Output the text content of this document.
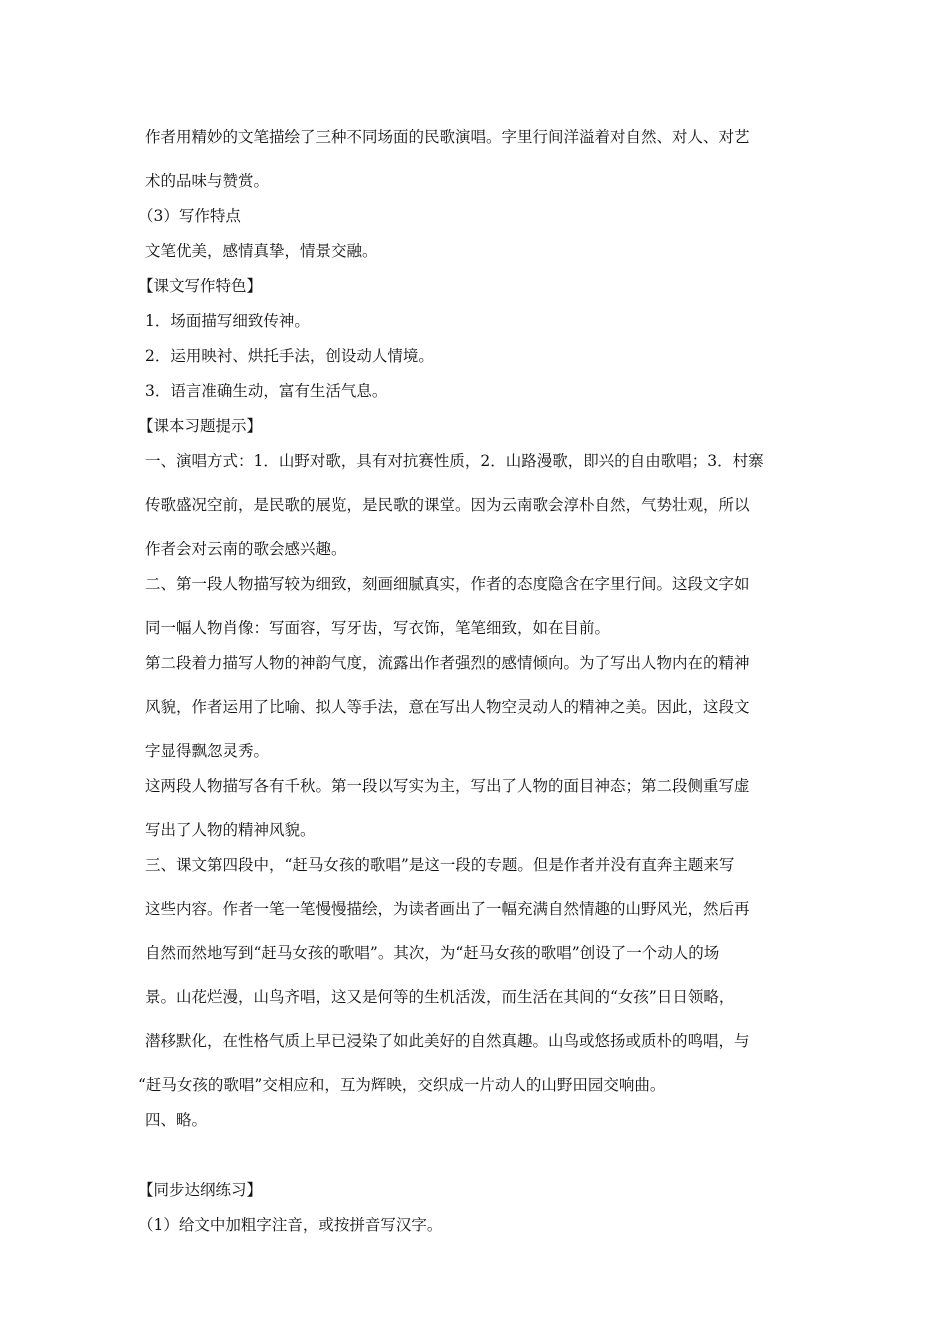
作者用精妙的文笔描绘了三种不同场面的民歌演唱。字里行间洋溢着对自然、对人、对艺
术的品味与赞赏。
（3）写作特点
文笔优美，感情真挚，情景交融。
【课文写作特色】
1．场面描写细致传神。
2．运用映衬、烘托手法，创设动人情境。
3．语言准确生动，富有生活气息。
【课本习题提示】
一、演唱方式：1．山野对歌，具有对抗赛性质，2．山路漫歌，即兴的自由歌唱；3．村寨
传歌盛况空前，是民歌的展览，是民歌的课堂。因为云南歌会淳朴自然，气势壮观，所以
作者会对云南的歌会感兴趣。
二、第一段人物描写较为细致，刻画细腻真实，作者的态度隐含在字里行间。这段文字如
同一幅人物肖像：写面容，写牙齿，写衣饰，笔笔细致，如在目前。
第二段着力描写人物的神韵气度，流露出作者强烈的感情倾向。为了写出人物内在的精神
风貌，作者运用了比喻、拟人等手法，意在写出人物空灵动人的精神之美。因此，这段文
字显得飘忽灵秀。
这两段人物描写各有千秋。第一段以写实为主，写出了人物的面目神态；第二段侧重写虚
写出了人物的精神风貌。
三、课文第四段中，“赶马女孩的歌唱”是这一段的专题。但是作者并没有直奔主题来写
这些内容。作者一笔一笔慢慢描绘，为读者画出了一幅充满自然情趣的山野风光，然后再
自然而然地写到“赶马女孩的歌唱”。其次，为“赶马女孩的歌唱”创设了一个动人的场
景。山花烂漫，山鸟齐唱，这又是何等的生机活泼，而生活在其间的“女孩”日日领略，
潜移默化，在性格气质上早已浸染了如此美好的自然真趣。山鸟或悠扬或质朴的鸣唱，与
“赶马女孩的歌唱”交相应和，互为辉映，交织成一片动人的山野田园交响曲。
四、略。
【同步达纲练习】
（1）给文中加粗字注音，或按拼音写汉字。
